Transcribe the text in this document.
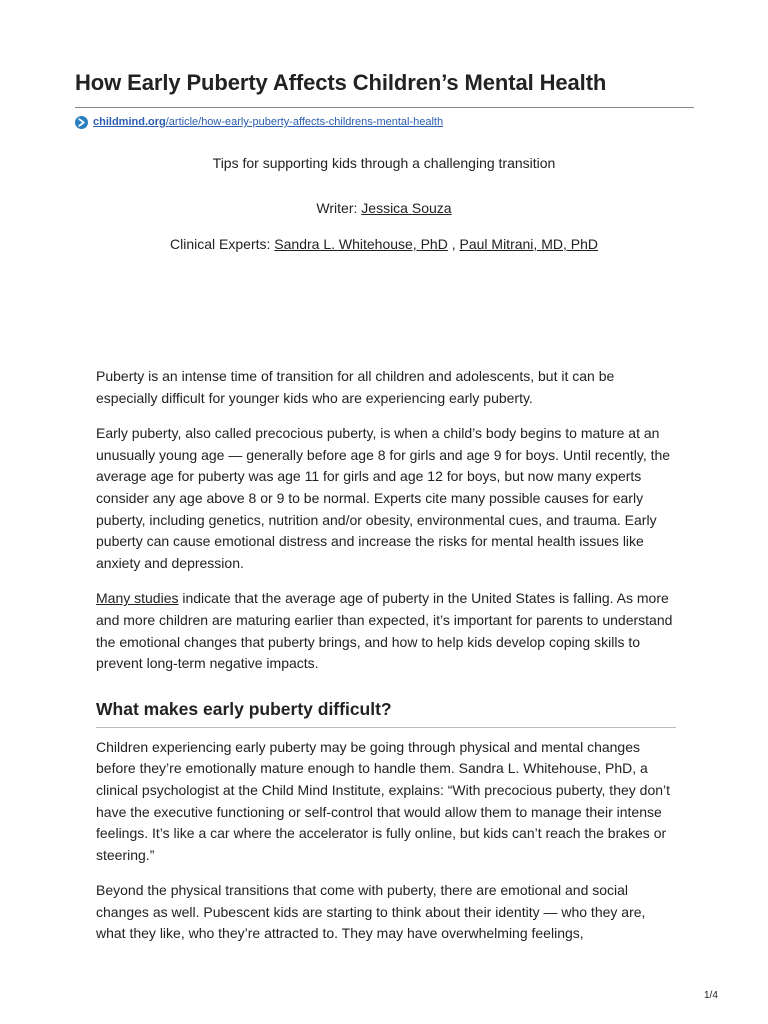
How Early Puberty Affects Children’s Mental Health
childmind.org/article/how-early-puberty-affects-childrens-mental-health
Tips for supporting kids through a challenging transition
Writer: Jessica Souza
Clinical Experts: Sandra L. Whitehouse, PhD , Paul Mitrani, MD, PhD

Puberty is an intense time of transition for all children and adolescents, but it can be especially difficult for younger kids who are experiencing early puberty.

Early puberty, also called precocious puberty, is when a child’s body begins to mature at an unusually young age — generally before age 8 for girls and age 9 for boys. Until recently, the average age for puberty was age 11 for girls and age 12 for boys, but now many experts consider any age above 8 or 9 to be normal. Experts cite many possible causes for early puberty, including genetics, nutrition and/or obesity, environmental cues, and trauma. Early puberty can cause emotional distress and increase the risks for mental health issues like anxiety and depression.

Many studies indicate that the average age of puberty in the United States is falling. As more and more children are maturing earlier than expected, it’s important for parents to understand the emotional changes that puberty brings, and how to help kids develop coping skills to prevent long-term negative impacts.

What makes early puberty difficult?

Children experiencing early puberty may be going through physical and mental changes before they’re emotionally mature enough to handle them. Sandra L. Whitehouse, PhD, a clinical psychologist at the Child Mind Institute, explains: “With precocious puberty, they don’t have the executive functioning or self-control that would allow them to manage their intense feelings. It’s like a car where the accelerator is fully online, but kids can’t reach the brakes or steering.”

Beyond the physical transitions that come with puberty, there are emotional and social changes as well. Pubescent kids are starting to think about their identity — who they are, what they like, who they’re attracted to. They may have overwhelming feelings,

1/4
